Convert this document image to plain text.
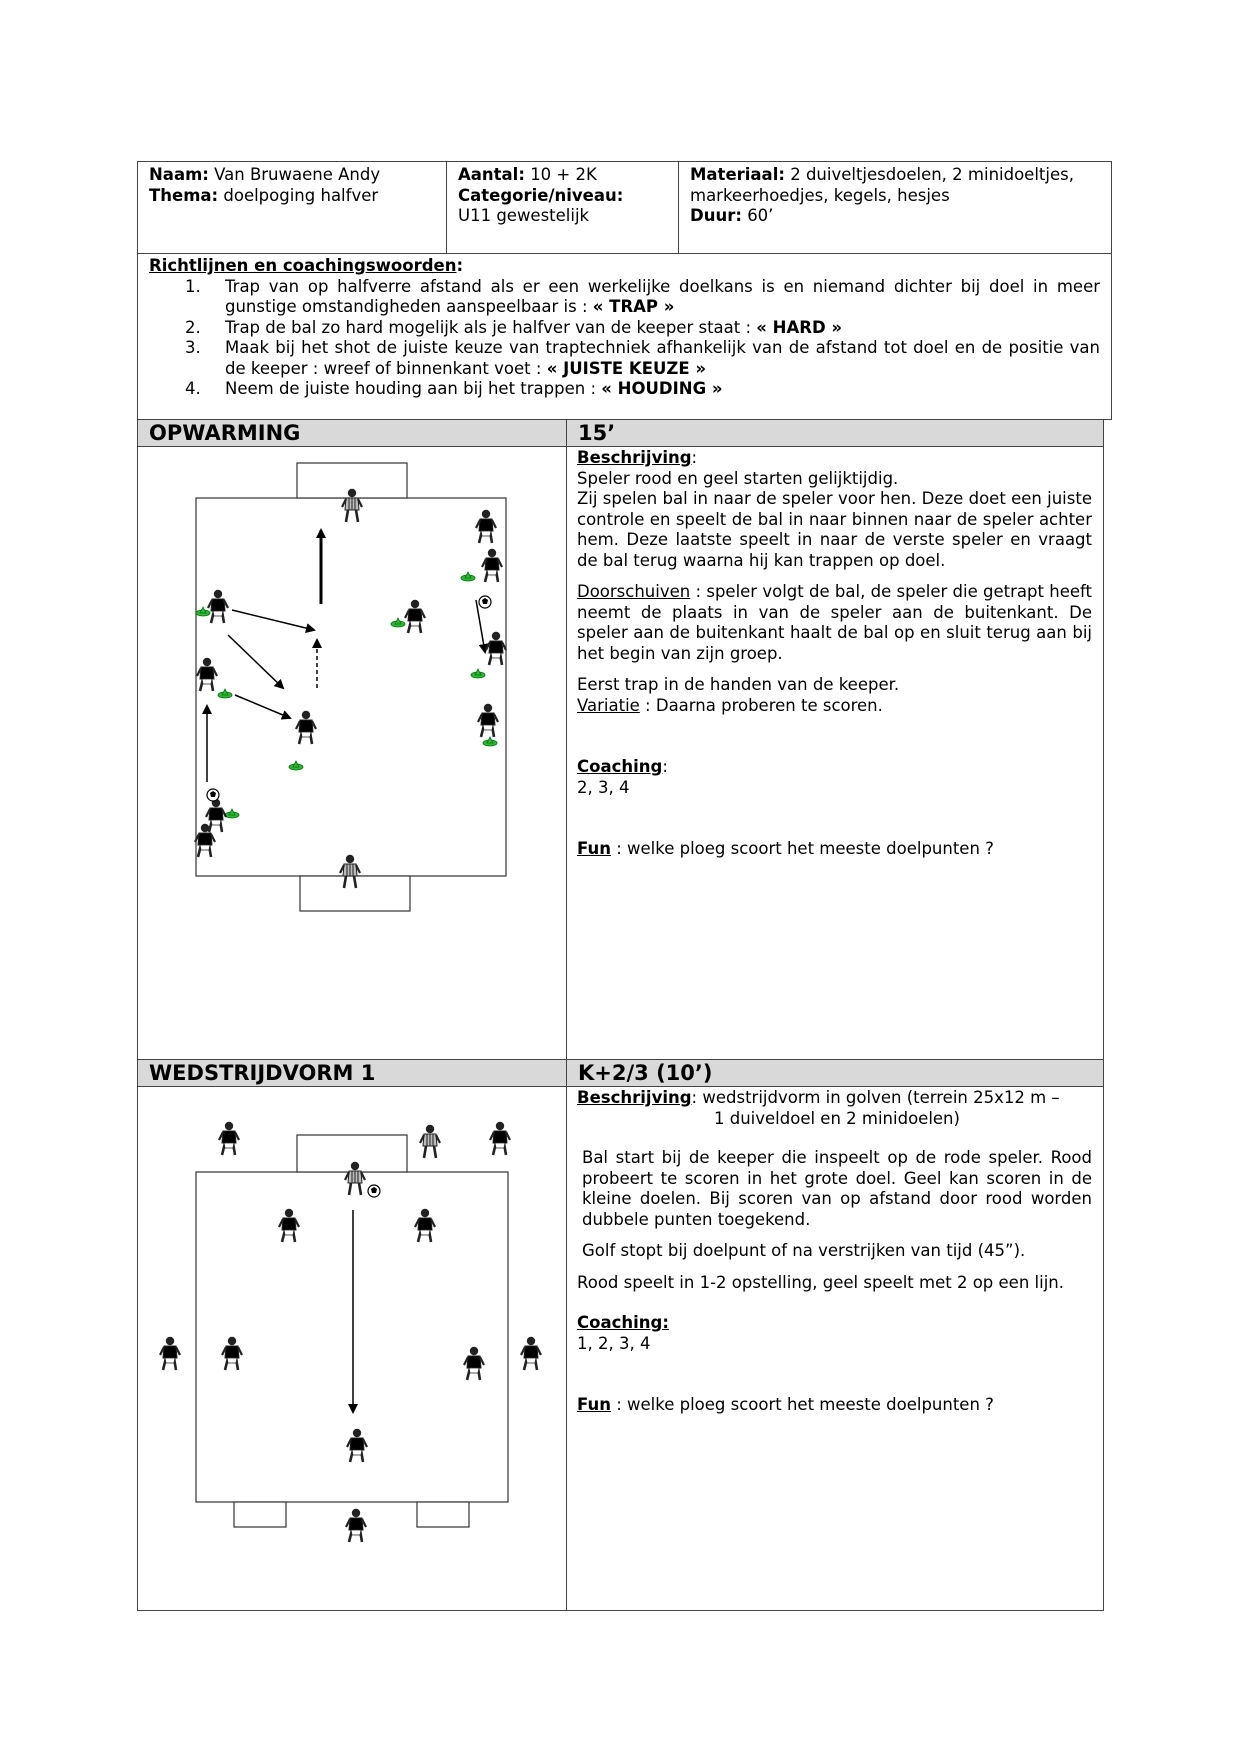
Naam: Van Bruwaene Andy
Thema: doelpoging halfver
Aantal: 10 + 2K
Categorie/niveau:
U11 gewestelijk
Materiaal: 2 duiveltjesdoelen, 2 minidoeltjes, markeerhoedjes, kegels, hesjes
Duur: 60’
Richtlijnen en coachingswoorden:
1. Trap van op halfverre afstand als er een werkelijke doelkans is en niemand dichter bij doel in meer gunstige omstandigheden aanspeelbaar is : « TRAP »
2. Trap de bal zo hard mogelijk als je halfver van de keeper staat : « HARD »
3. Maak bij het shot de juiste keuze van traptechniek afhankelijk van de afstand tot doel en de positie van de keeper : wreef of binnenkant voet : « JUISTE KEUZE »
4. Neem de juiste houding aan bij het trappen : « HOUDING »
OPWARMING	15’
Beschrijving:

Speler rood en geel starten gelijktijdig.

Zij spelen bal in naar de speler voor hen. Deze doet een juiste controle en speelt de bal in naar binnen naar de speler achter hem. Deze laatste speelt in naar de verste speler en vraagt de bal terug waarna hij kan trappen op doel.

Doorschuiven : speler volgt de bal, de speler die getrapt heeft neemt de plaats in van de speler aan de buitenkant. De speler aan de buitenkant haalt de bal op en sluit terug aan bij het begin van zijn groep.

Eerst trap in de handen van de keeper.

Variatie : Daarna proberen te scoren.

Coaching:
2, 3, 4
Fun : welke ploeg scoort het meeste doelpunten ?
WEDSTRIJDVORM 1	K+2/3 (10’)
Beschrijving: wedstrijdvorm in golven (terrein 25x12 m –
1 duiveldoel en 2 minidoelen)

Bal start bij de keeper die inspeelt op de rode speler. Rood probeert te scoren in het grote doel. Geel kan scoren in de kleine doelen. Bij scoren van op afstand door rood worden dubbele punten toegekend.

Golf stopt bij doelpunt of na verstrijken van tijd (45”).

Rood speelt in 1-2 opstelling, geel speelt met 2 op een lijn.

Coaching:
1, 2, 3, 4
Fun : welke ploeg scoort het meeste doelpunten ?
